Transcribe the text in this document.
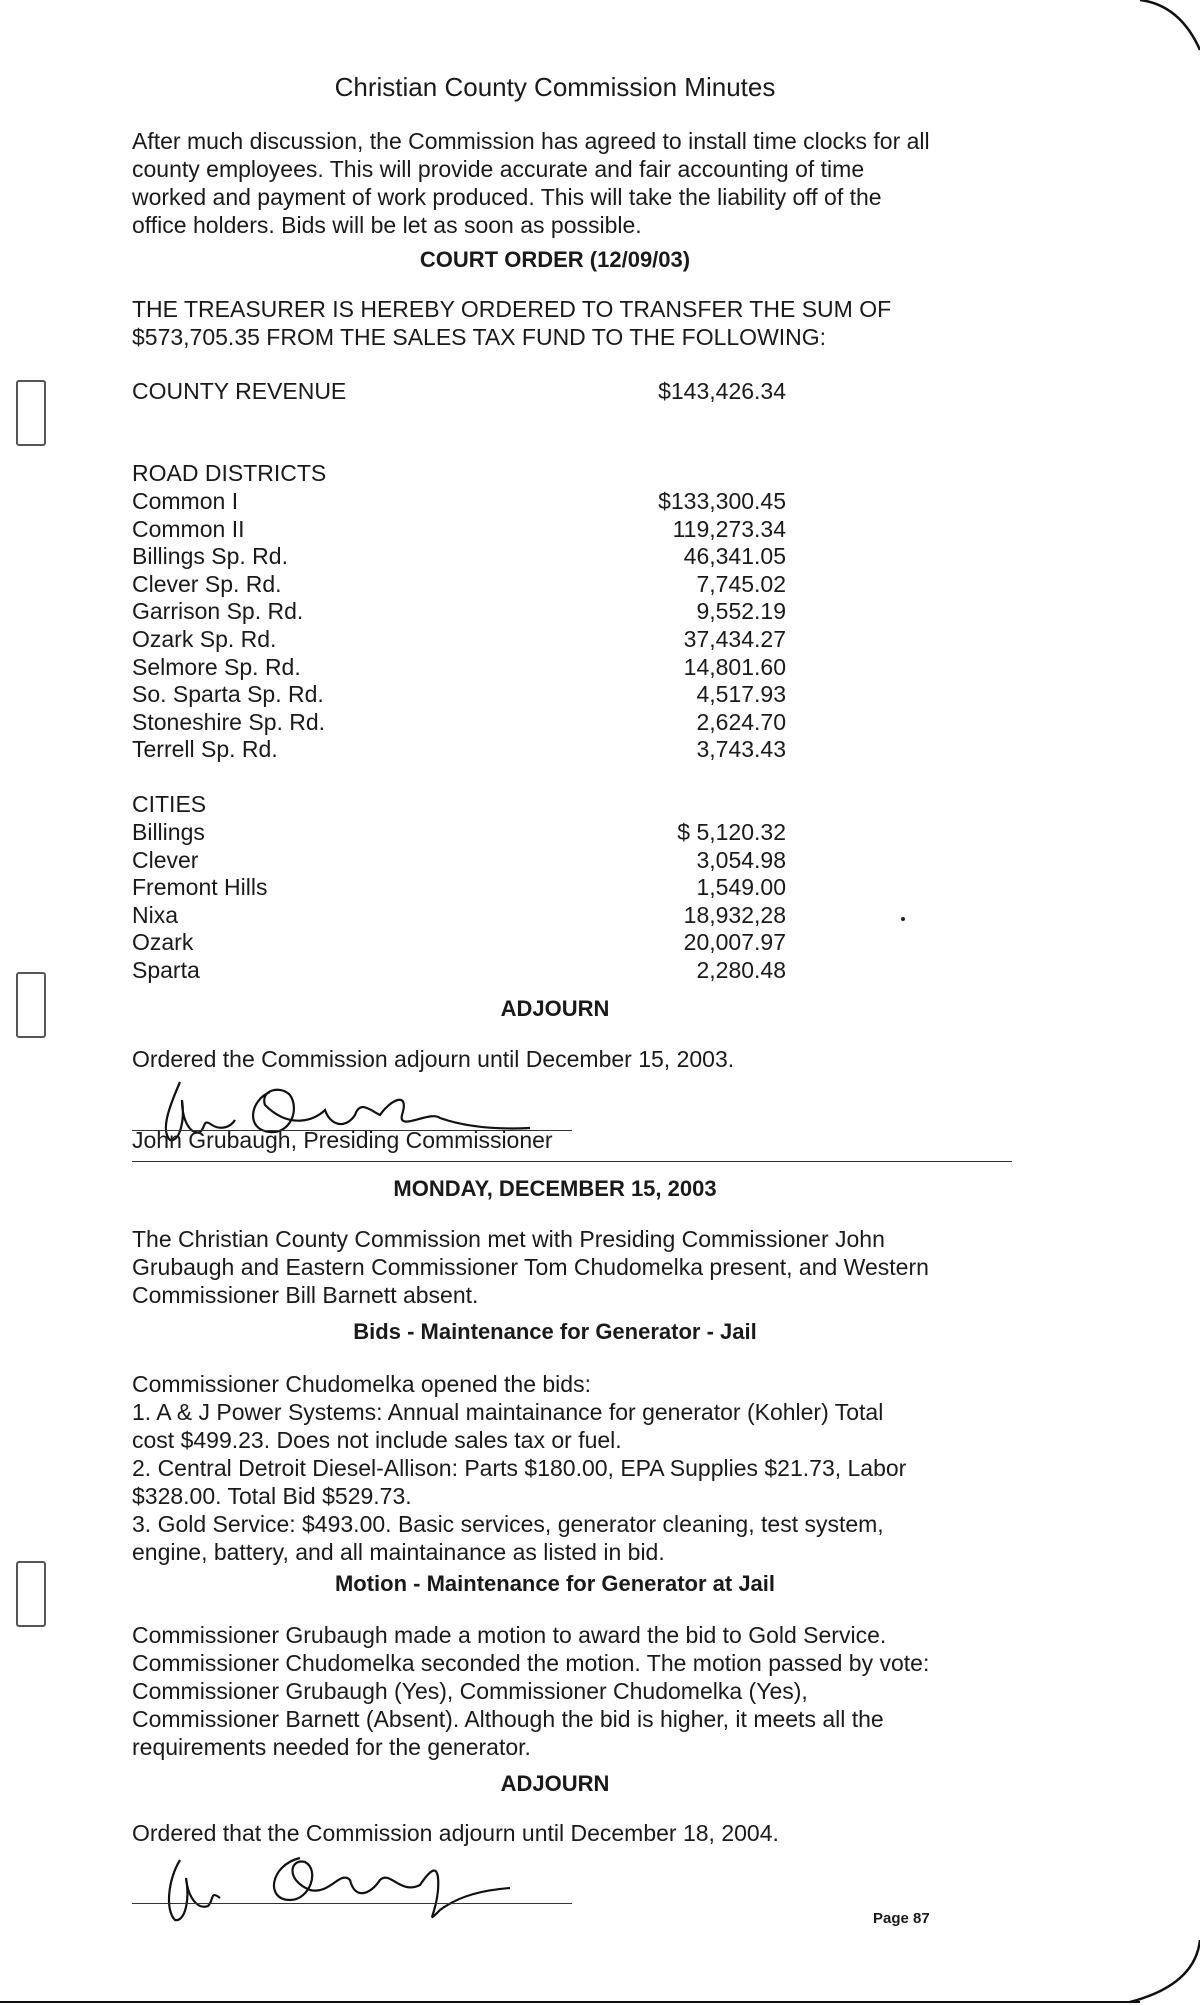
Christian County Commission Minutes
After much discussion, the Commission has agreed to install time clocks for all
county employees. This will provide accurate and fair accounting of time
worked and payment of work produced. This will take the liability off of the
office holders. Bids will be let as soon as possible.
COURT ORDER (12/09/03)
THE TREASURER IS HEREBY ORDERED TO TRANSFER THE SUM OF
$573,705.35 FROM THE SALES TAX FUND TO THE FOLLOWING:
COUNTY REVENUE	$143,426.34
ROAD DISTRICTS
Common I	$133,300.45
Common II	119,273.34
Billings Sp. Rd.	46,341.05
Clever Sp. Rd.	7,745.02
Garrison Sp. Rd.	9,552.19
Ozark Sp. Rd.	37,434.27
Selmore Sp. Rd.	14,801.60
So. Sparta Sp. Rd.	4,517.93
Stoneshire Sp. Rd.	2,624.70
Terrell Sp. Rd.	3,743.43
CITIES
Billings	$ 5,120.32
Clever	3,054.98
Fremont Hills	1,549.00
Nixa	18,932,28
Ozark	20,007.97
Sparta	2,280.48
ADJOURN
Ordered the Commission adjourn until December 15, 2003.
John Grubaugh, Presiding Commissioner
MONDAY, DECEMBER 15, 2003
The Christian County Commission met with Presiding Commissioner John
Grubaugh and Eastern Commissioner Tom Chudomelka present, and Western
Commissioner Bill Barnett absent.
Bids - Maintenance for Generator - Jail
Commissioner Chudomelka opened the bids:
1. A & J Power Systems: Annual maintainance for generator (Kohler) Total
cost $499.23. Does not include sales tax or fuel.
2. Central Detroit Diesel-Allison: Parts $180.00, EPA Supplies $21.73, Labor
$328.00. Total Bid $529.73.
3. Gold Service: $493.00. Basic services, generator cleaning, test system,
engine, battery, and all maintainance as listed in bid.
Motion - Maintenance for Generator at Jail
Commissioner Grubaugh made a motion to award the bid to Gold Service.
Commissioner Chudomelka seconded the motion. The motion passed by vote:
Commissioner Grubaugh (Yes), Commissioner Chudomelka (Yes),
Commissioner Barnett (Absent). Although the bid is higher, it meets all the
requirements needed for the generator.
ADJOURN
Ordered that the Commission adjourn until December 18, 2004.
Page 87
